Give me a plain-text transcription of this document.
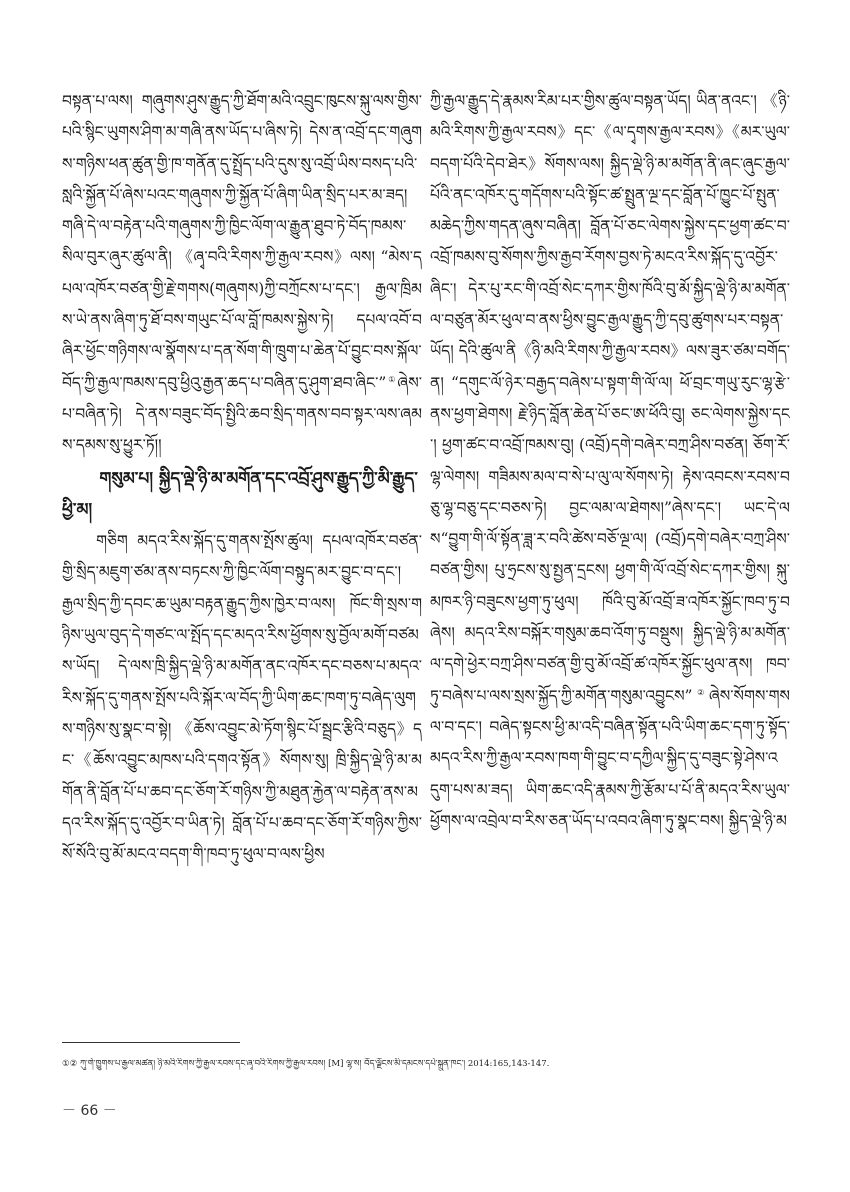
བསྟན་པ་ལས། གཞུགས་ཤུས་རྒྱུད་ཀྱི་ཐོག་མའི་འབྲུང་ཁུངས་སྐུ་ལས་གྱིས་པའི་སྙིང་ཡུགས་ཤིག་མ་གཞི་ནས་ཡོད་པ་ཞིས་ཏེ། དེས་ན་འབྲོ་དང་གཞུགས་གཉིས་ཕན་ཚུན་གྱི་ཁ་གནོན་དུ་སྤྲོད་པའི་དུས་སུ་འབྲོ་ཡིས་བསད་པའི་སླའི་སྐྱོན་པོ་ཞེས་པའང་གཞུགས་ཀྱི་སྐྱོན་པོ་ཞིག་ཡིན་སྲིད་པར་མ་ཟད། གཞི་དེ་ལ་བརྟེན་པའི་གཞུགས་ཀྱི་ཁྱིང་ལོག་ལ་རྒྱུན་ཐུབ་ཏེ་བོད་ཁམས་སིལ་བུར་ཞུར་ཚུལ་ནི། 《ཞྭ་བའི་རིགས་ཀྱི་རྒྱལ་རབས》ལས། “མེས་དཔལ་འཁོར་བཙན་གྱི་རྗེ་གགས(གཞུགས)ཀྱི་བཀྲོངས་པ་དང་། རྒྱལ་ཁྲིམས་ཡེ་ནས་ཞིག་ཏུ་ཐོ་བས་གཡུང་པོ་ལ་བློ་ཁམས་སྐྱེས་ཏེ། དཔལ་འབོ་བཞིར་ཕྱོང་གཉིགས་ལ་སྣོགས་པ་དན་སོག་གི་ཁྲུག་པ་ཆེན་པོ་བྱུང་བས་སྐོལ་བོད་ཀྱི་རྒྱལ་ཁམས་དབུ་ཕྱིའུ་རྒྱན་ཆད་པ་བཞིན་དུ་ཤུག་ཐབ་ཞིང་”①ཞེས་པ་བཞིན་ཏེ། དེ་ནས་བཟུང་བོད་སྤྱིའི་ཆབ་སྲིད་གནས་བབ་སྟར་ལས་ཞམས་དམས་སུ་ཕྱུར་ཏོ།།

གསུམ་པ། སྐྱིད་ལྡེ་ཉི་མ་མགོན་དང་འབྲོ་ཤུས་རྒྱུད་ཀྱི་མི་རྒྱུད་ཕྱི་མ།

གཅིག མདའ་རིས་སྐོད་དུ་གནས་སྤོས་ཚུལ། དཔལ་འཁོར་བཙན་གྱི་སྲིད་མཇུག་ཙམ་ནས་བཏངས་ཀྱི་ཁྱིང་ལོག་བསྟུད་མར་བྱུང་བ་དང་། རྒྱལ་སྲིད་ཀྱི་དབང་ཆ་ཡུམ་བརྟན་རྒྱུད་ཀྱིས་ཁྱེར་བ་ལས། ཁོང་གི་སྲས་གཉིས་ཡུལ་བུད་དེ་གཙང་ལ་སྤོད་དང་མདའ་རིས་ཕྱོགས་སུ་བྱོལ་མགོ་བཙམས་ཡོད། དེ་ལས་ཁྲི་སྐྱིད་ལྡེ་ཉི་མ་མགོན་ནང་འཁོར་དང་བཅས་པ་མདའ་རིས་སྐོད་དུ་གནས་སྤོས་པའི་སྐོར་ལ་བོད་ཀྱི་ཡིག་ཆང་ཁག་ཏུ་བཞེད་ལུགས་གཉིས་སུ་སྣང་བ་སྟེ། 《ཆོས་འབྱུང་མེ་ཏོག་སྙིང་པོ་སྦྲང་རྩིའི་བཅུད》དང་《ཆོས་འབྱུང་མཁས་པའི་དགའ་སྟོན》སོགས་སུ། ཁྲི་སྐྱིད་ལྡེ་ཉི་མ་མགོན་ནི་བློན་པོ་པ་ཆབ་དང་ཅོག་རོ་གཉིས་ཀྱི་མཐུན་རྐྱེན་ལ་བརྟེན་ནས་མདའ་རིས་སྐོད་དུ་འབྱོར་བ་ཡིན་ཏེ། བློན་པོ་པ་ཆབ་དང་ཅོག་རོ་གཉིས་ཀྱིས་སོ་སོའི་བུ་མོ་མངའ་བདག་གི་ཁབ་ཏུ་ཕུལ་བ་ལས་ཕྱིས

ཀྱི་རྒྱལ་རྒྱུད་དེ་རྣམས་རིམ་པར་གྱིས་ཚུལ་བསྟན་ཡོད། ཡིན་ནའང་། 《ཉི་མའི་རིགས་ཀྱི་རྒྱལ་རབས》དང་《ལ་དྭགས་རྒྱལ་རབས》《མར་ཡུལ་བདག་པོའི་དེབ་ཐེར》སོགས་ལས། སྐྱིད་ལྡེ་ཉི་མ་མགོན་ནི་ཞང་ཞུང་རྒྱལ་པོའི་ནང་འཁོར་དུ་གདོགས་པའི་སྟོང་ཚ་སྤྲུན་ལྔ་དང་བློན་པོ་ཁྱུང་པོ་སྤུན་མཆེད་ཀྱིས་གདན་ཞུས་བཞིན། བློན་པོ་ཅང་ལེགས་སྐྱེས་དང་ཕྱག་ཚང་བ་འབྲོ་ཁམས་བུ་སོགས་ཀྱིས་རྒྱབ་རོགས་བྱས་ཏེ་མངའ་རིས་སྐོད་དུ་འབྱོར་ཞིང་། དེར་པུ་རང་གི་འབྲོ་སེང་དཀར་གྱིས་ཁོའི་བུ་མོ་སྐྱིད་ལྡེ་ཉི་མ་མགོན་ལ་བཙུན་མོར་ཕུལ་བ་ནས་ཕྱིས་བྱུང་རྒྱལ་རྒྱུད་ཀྱི་དབུ་ཚུགས་པར་བསྟན་ཡོད། དེའི་ཚུལ་ནི《ཉི་མའི་རིགས་ཀྱི་རྒྱལ་རབས》ལས་ཟུར་ཙམ་བགོད་ན། “དགུང་ལོ་ཉེར་བརྒྱད་བཞེས་པ་སྟག་གི་ལོ་ལ། ཕོ་བྲང་གཡུ་རུང་ལྷ་རྩེ་ནས་ཕྱག་ཐེགས། རྗེ་ཉིད་བློན་ཆེན་པོ་ཅང་ཨ་ཕོའི་བུ། ཅང་ལེགས་སྐྱེས་དང་། ཕྱག་ཚང་བ་འབྲོ་ཁམས་བུ། (འབྲོ)དགེ་བཞེར་བཀྲ་ཤིས་བཙན། ཅོག་རོ་ལྷ་ལེགས། གཟིམས་མལ་བ་སེ་པ་ལུ་ལ་སོགས་ཏེ། རྟེས་འབངས་རབས་བཅུ་ལྷ་བཅུ་དང་བཅས་ཏེ། བྱང་ལམ་ལ་ཐེགས།”ཞེས་དང་། ཡང་དེ་ལས“བྱུག་གི་ལོ་སྟོན་ཟླ་ར་བའི་ཚེས་བཅོ་ལྔ་ལ། (འབྲོ)དགེ་བཞེར་བཀྲ་ཤིས་བཙན་གྱིས། པུ་ཧྲངས་སུ་སྤྱན་དྲངས། ཕྱག་གི་ལོ་འབྲོ་སེང་དཀར་གྱིས། སྐུ་མཁར་ཉི་བཟུངས་ཕྱག་ཏུ་ཕུལ། ཁོའི་བུ་མོ་འབྲོ་ཟ་འཁོར་སྐྱོང་ཁབ་ཏུ་བཞེས། མདའ་རིས་བསྐོར་གསུམ་ཆབ་འོག་ཏུ་བསྡུས། སྐྱིད་ལྡེ་ཉི་མ་མགོན་ལ་དགེ་ཕྱེར་བཀྲ་ཤིས་བཙན་གྱི་བུ་མོ་འབྲོ་ཚ་འཁོར་སྐྱོང་ཕུལ་ནས། ཁབ་ཏུ་བཞེས་པ་ལས་སྲས་སྐྱོད་ཀྱི་མགོན་གསུམ་འབྱུངས”②ཞེས་སོགས་གསལ་བ་དང་། བཞེད་སྟངས་ཕྱི་མ་འདི་བཞིན་སྟོན་པའི་ཡིག་ཆང་དག་ཏུ་སྟོད་མདའ་རིས་ཀྱི་རྒྱལ་རབས་ཁག་གི་བྱུང་བ་དཀྱིལ་སྐྱིད་དུ་བཟུང་སྟེ་ཤེས་འདུག་པས་མ་ཟད། ཡིག་ཆང་འདི་རྣམས་ཀྱི་རྩོམ་པ་པོ་ནི་མདའ་རིས་ཡུལ་ཕྱོགས་ལ་འབྲེལ་བ་རིས་ཅན་ཡོད་པ་འབའ་ཞིག་ཏུ་སྣང་བས། སྐྱིད་ལྡེ་ཉི་མ

①② ཀུ་གེ་ཁྱུགས་པ་རྒྱལ་མཚན། ཉི་མའི་རིགས་ཀྱི་རྒྱལ་རབས་དང་ཞྭ་བའི་རིགས་ཀྱི་རྒྱལ་རབས། [M] ལྷ་ས། བོད་ལྗོངས་མི་དམངས་དཔེ་སྐྲུན་ཁང་། 2014:165,143-147.
－ 66 －
